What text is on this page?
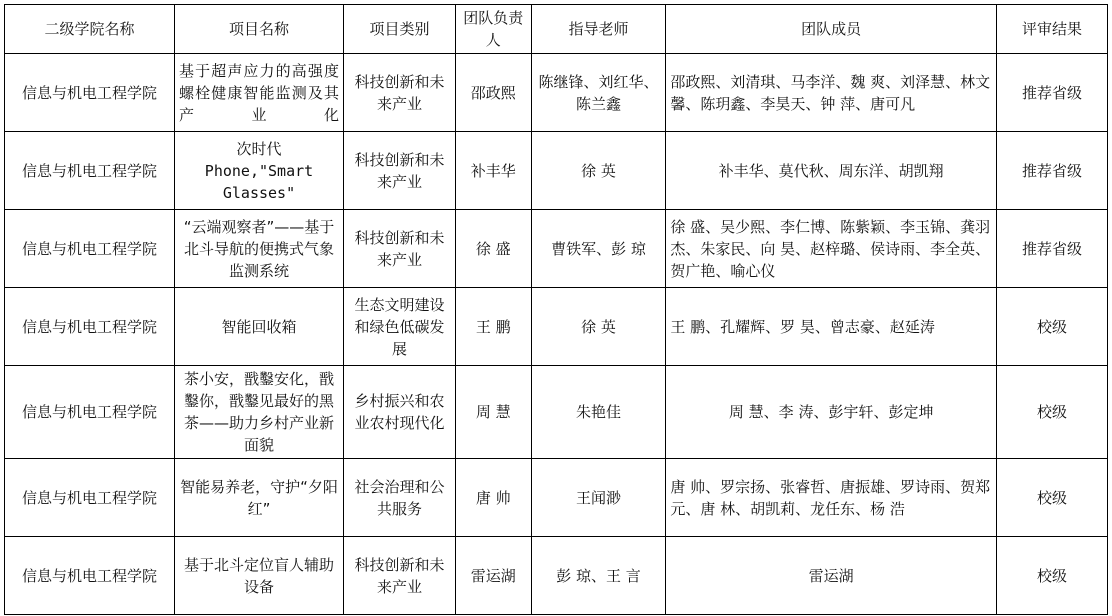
二级学院名称	项目名称	项目类别	团队负责人	指导老师	团队成员	评审结果
信息与机电工程学院	基于超声应力的高强度螺栓健康智能监测及其产业化	科技创新和未来产业	邵政熙	陈继锋、刘红华、陈兰鑫	邵政熙、刘清琪、马李洋、魏 爽、刘泽慧、林文馨、陈玥鑫、李昊天、钟 萍、唐可凡	推荐省级
信息与机电工程学院	次时代 Phone,"Smart Glasses"	科技创新和未来产业	补丰华	徐 英	补丰华、莫代秋、周东洋、胡凯翔	推荐省级
信息与机电工程学院	“云端观察者”——基于北斗导航的便携式气象监测系统	科技创新和未来产业	徐 盛	曹铁军、彭 琼	徐 盛、吴少熙、李仁博、陈紫颖、李玉锦、龚羽杰、朱家民、向 昊、赵梓璐、侯诗雨、李全英、贺广艳、喻心仪	推荐省级
信息与机电工程学院	智能回收箱	生态文明建设和绿色低碳发展	王 鹏	徐 英	王 鹏、孔耀辉、罗 昊、曾志豪、赵延涛	校级
信息与机电工程学院	茶小安，戬鑿安化，戬鑿你，戬鑿见最好的黑茶——助力乡村产业新面貌	乡村振兴和农业农村现代化	周 慧	朱艳佳	周 慧、李 涛、彭宇轩、彭定坤	校级
信息与机电工程学院	智能易养老，守护“夕阳红”	社会治理和公共服务	唐 帅	王闻渺	唐 帅、罗宗扬、张睿哲、唐振雄、罗诗雨、贺郑元、唐 林、胡凯莉、龙任东、杨 浩	校级
信息与机电工程学院	基于北斗定位盲人辅助设备	科技创新和未来产业	雷运湖	彭 琼、王 言	雷运湖	校级
